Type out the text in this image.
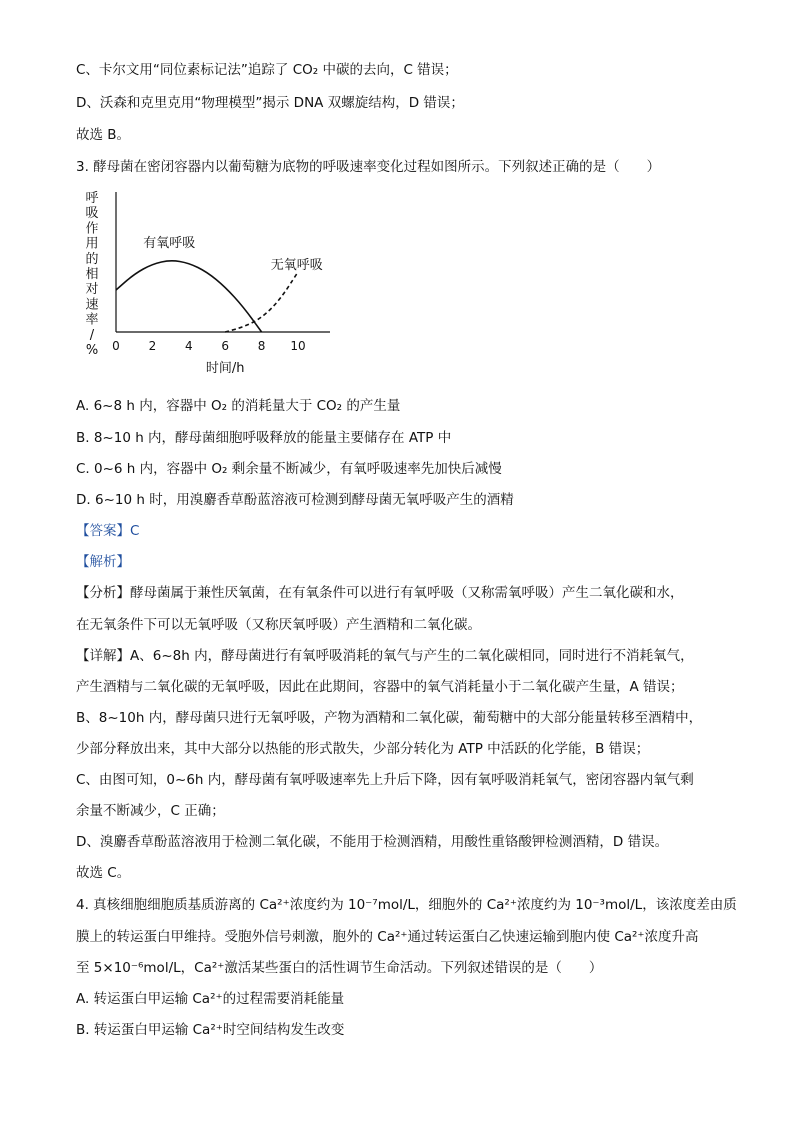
C、卡尔文用“同位素标记法”追踪了 CO₂ 中碳的去向，C 错误；
D、沃森和克里克用“物理模型”揭示 DNA 双螺旋结构，D 错误；
故选 B。
3. 酵母菌在密闭容器内以葡萄糖为底物的呼吸速率变化过程如图所示。下列叙述正确的是（　　）
呼
吸
作
用
的
相
对
速
率
/
% 0 2 4 6 8 10
有氧呼吸
无氧呼吸
时间/h
A. 6~8 h 内，容器中 O₂ 的消耗量大于 CO₂ 的产生量
B. 8~10 h 内，酵母菌细胞呼吸释放的能量主要储存在 ATP 中
C. 0~6 h 内，容器中 O₂ 剩余量不断减少，有氧呼吸速率先加快后减慢
D. 6~10 h 时，用溴麝香草酚蓝溶液可检测到酵母菌无氧呼吸产生的酒精
【答案】C
【解析】
【分析】酵母菌属于兼性厌氧菌，在有氧条件可以进行有氧呼吸（又称需氧呼吸）产生二氧化碳和水，
在无氧条件下可以无氧呼吸（又称厌氧呼吸）产生酒精和二氧化碳。
【详解】A、6~8h 内，酵母菌进行有氧呼吸消耗的氧气与产生的二氧化碳相同，同时进行不消耗氧气，
产生酒精与二氧化碳的无氧呼吸，因此在此期间，容器中的氧气消耗量小于二氧化碳产生量，A 错误；
B、8~10h 内，酵母菌只进行无氧呼吸，产物为酒精和二氧化碳，葡萄糖中的大部分能量转移至酒精中，
少部分释放出来，其中大部分以热能的形式散失，少部分转化为 ATP 中活跃的化学能，B 错误；
C、由图可知，0~6h 内，酵母菌有氧呼吸速率先上升后下降，因有氧呼吸消耗氧气，密闭容器内氧气剩
余量不断减少，C 正确；
D、溴麝香草酚蓝溶液用于检测二氧化碳，不能用于检测酒精，用酸性重铬酸钾检测酒精，D 错误。
故选 C。
4. 真核细胞细胞质基质游离的 Ca²⁺浓度约为 10⁻⁷mol/L，细胞外的 Ca²⁺浓度约为 10⁻³mol/L，该浓度差由质
膜上的转运蛋白甲维持。受胞外信号刺激，胞外的 Ca²⁺通过转运蛋白乙快速运输到胞内使 Ca²⁺浓度升高
至 5×10⁻⁶mol/L，Ca²⁺激活某些蛋白的活性调节生命活动。下列叙述错误的是（　　）
A. 转运蛋白甲运输 Ca²⁺的过程需要消耗能量
B. 转运蛋白甲运输 Ca²⁺时空间结构发生改变
